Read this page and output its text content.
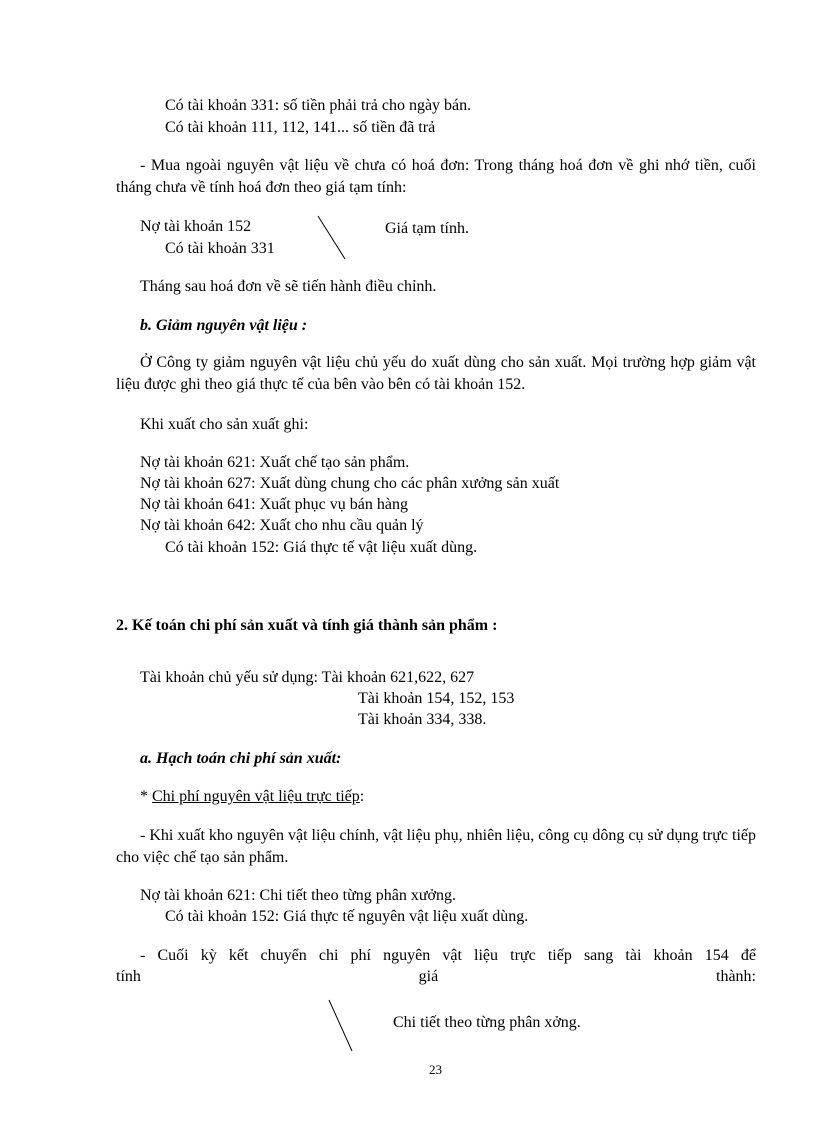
Có tài khoản 331: số tiền phải trả cho ngày bán.
Có tài khoản 111, 112, 141... số tiền đã trả
- Mua ngoài nguyên vật liệu về chưa có hoá đơn: Trong tháng hoá đơn về ghi nhớ tiền, cuối tháng chưa về tính hoá đơn theo giá tạm tính:
Nợ tài khoản 152
Có tài khoản 331
Giá tạm tính.
Tháng sau hoá đơn về sẽ tiến hành điều chỉnh.
b. Giảm nguyên vật liệu :
Ở Công ty giảm nguyên vật liệu chủ yếu do xuất dùng cho sản xuất. Mọi trường hợp giảm vật liệu được ghi theo giá thực tế của bên vào bên có tài khoản 152.
Khi xuất cho sản xuất ghi:
Nợ tài khoản 621: Xuất chế tạo sản phẩm.
Nợ tài khoản 627: Xuất dùng chung cho các phân xưởng sản xuất
Nợ tài khoản 641: Xuất phục vụ bán hàng
Nợ tài khoản 642: Xuất cho nhu cầu quản lý
Có tài khoản 152: Giá thực tế vật liệu xuất dùng.
2. Kế toán chi phí sản xuất và tính giá thành sản phẩm :
Tài khoản chủ yếu sử dụng: Tài khoản 621,622, 627
Tài khoản 154, 152, 153
Tài khoản 334, 338.
a. Hạch toán chi phí sản xuất:
* Chi phí nguyên vật liệu trực tiếp:
- Khi xuất kho nguyên vật liệu chính, vật liệu phụ, nhiên liệu, công cụ dông cụ sử dụng trực tiếp cho việc chế tạo sản phẩm.
Nợ tài khoản 621: Chi tiết theo từng phân xưởng.
Có tài khoản 152: Giá thực tế nguyên vật liệu xuất dùng.
- Cuối kỳ kết chuyển chi phí nguyên vật liệu trực tiếp sang tài khoản 154 để
tính	giá	thành:
Chi tiết theo từng phân xởng.
23
